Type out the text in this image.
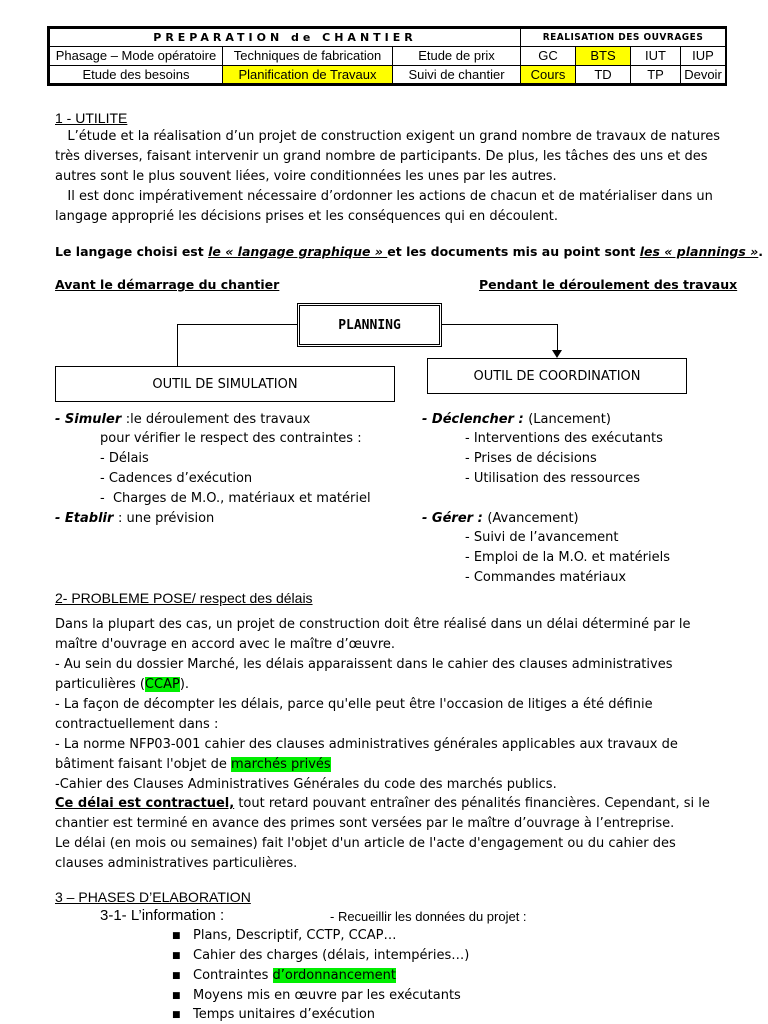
PREPARATION de CHANTIER			REALISATION DES OUVRAGES			
Phasage – Mode opératoire	Techniques de fabrication	Etude de prix	GC	BTS	IUT	IUP
Etude des besoins	Planification de Travaux	Suivi de chantier	Cours	TD	TP	Devoir
1 - UTILITE
L’étude et la réalisation d’un projet de construction exigent un grand nombre de travaux de natures
très diverses, faisant intervenir un grand nombre de participants. De plus, les tâches des uns et des
autres sont le plus souvent liées, voire conditionnées les unes par les autres.
Il est donc impérativement nécessaire d’ordonner les actions de chacun et de matérialiser dans un
langage approprié les décisions prises et les conséquences qui en découlent.
Le langage choisi est le « langage graphique » et les documents mis au point sont les « plannings ».
Avant le démarrage du chantier	Pendant le déroulement des travaux
PLANNING
OUTIL DE SIMULATION
OUTIL DE COORDINATION
- Simuler :le déroulement des travaux
pour vérifier le respect des contraintes :
- Délais
- Cadences d’exécution
-  Charges de M.O., matériaux et matériel
- Etablir : une prévision
- Déclencher : (Lancement)
- Interventions des exécutants
- Prises de décisions
- Utilisation des ressources
- Gérer : (Avancement)
- Suivi de l’avancement
- Emploi de la M.O. et matériels
- Commandes matériaux
2- PROBLEME POSE/ respect des délais
Dans la plupart des cas, un projet de construction doit être réalisé dans un délai déterminé par le
maître d'ouvrage en accord avec le maître d’œuvre.
- Au sein du dossier Marché, les délais apparaissent dans le cahier des clauses administratives
particulières (CCAP).
- La façon de décompter les délais, parce qu'elle peut être l'occasion de litiges a été définie
contractuellement dans :
- La norme NFP03-001 cahier des clauses administratives générales applicables aux travaux de
bâtiment faisant l'objet de marchés privés
-Cahier des Clauses Administratives Générales du code des marchés publics.
Ce délai est contractuel, tout retard pouvant entraîner des pénalités financières. Cependant, si le
chantier est terminé en avance des primes sont versées par le maître d’ouvrage à l’entreprise.
Le délai (en mois ou semaines) fait l'objet d'un article de l'acte d'engagement ou du cahier des
clauses administratives particulières.
3 – PHASES D’ELABORATION
3-1- L’information :	- Recueillir les données du projet :
■ Plans, Descriptif, CCTP, CCAP…
■ Cahier des charges (délais, intempéries…)
■ Contraintes d’ordonnancement
■ Moyens mis en œuvre par les exécutants
■ Temps unitaires d’exécution
